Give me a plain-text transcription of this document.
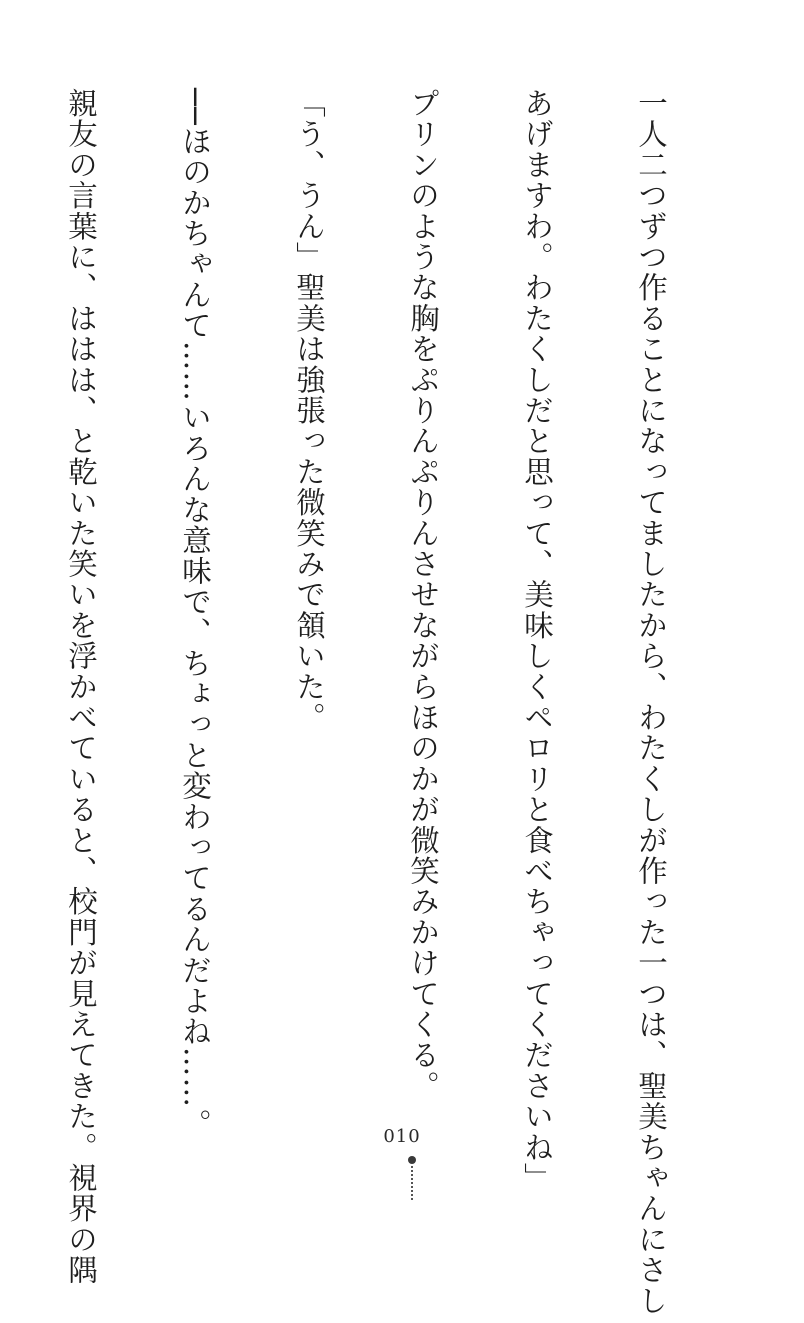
一人二つずつ作ることになってましたから、わたくしが作った一つは、聖美ちゃんにさし

あげますわ。わたくしだと思って、美味しくペロリと食べちゃってくださいね」

プリンのような胸をぷりんぷりんさせながらほのかが微笑みかけてくる。

「う、うん」聖美は強張った微笑みで頷いた。

──ほのかちゃんて……いろんな意味で、ちょっと変わってるんだよね……。

親友の言葉に、ははは、と乾いた笑いを浮かべていると、校門が見えてきた。視界の隅

	010
